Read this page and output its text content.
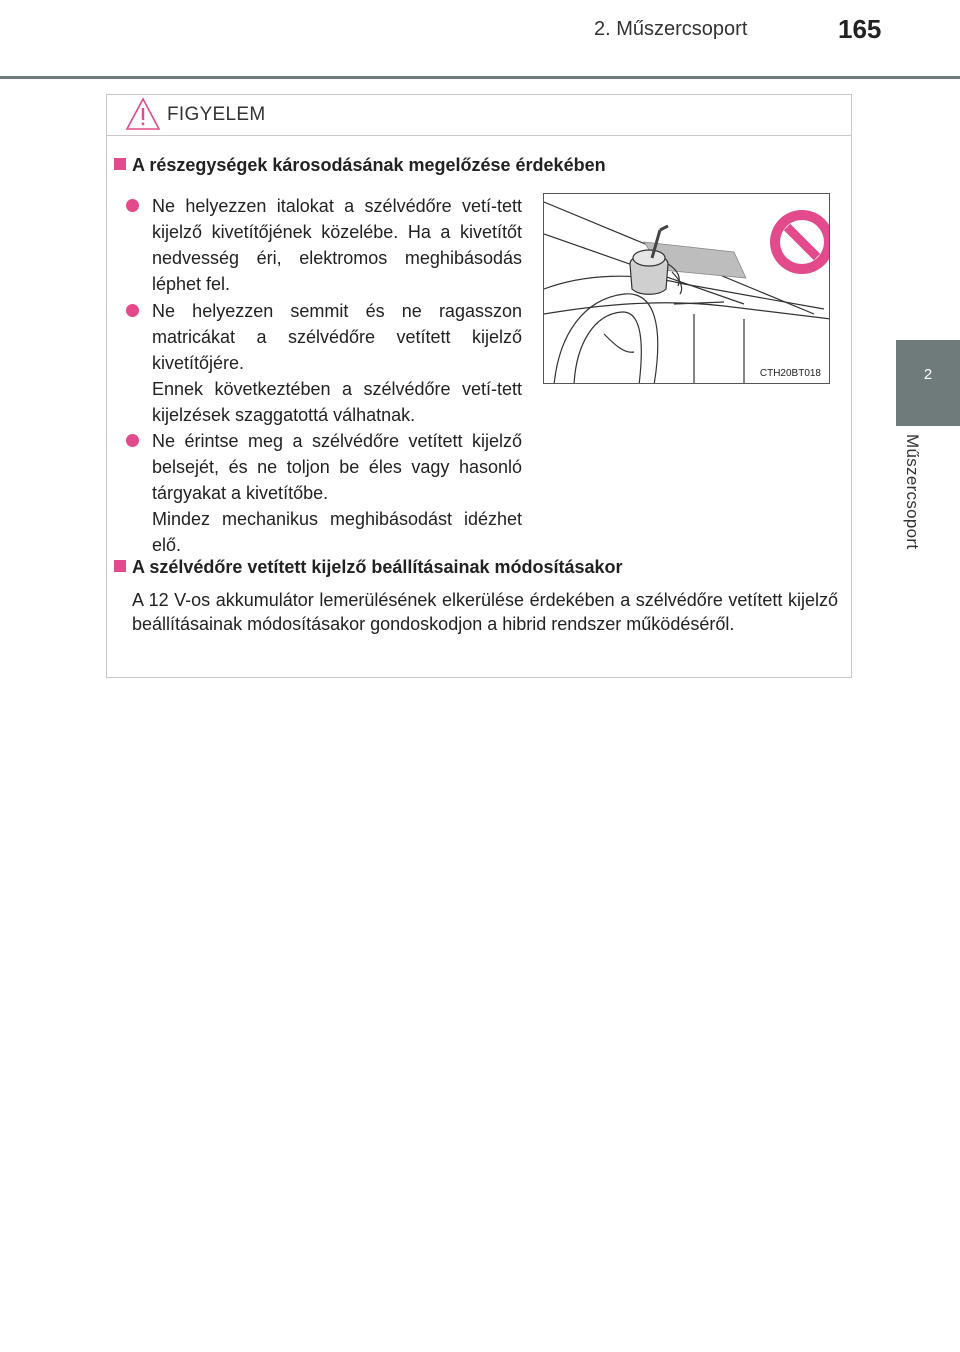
2. Műszercsoport	165
2
Műszercsoport
FIGYELEM
A részegységek károsodásának megelőzése érdekében

Ne helyezzen italokat a szélvédőre vetí-tett kijelző kivetítőjének közelébe. Ha a kivetítőt nedvesség éri, elektromos meghibásodás léphet fel.

Ne helyezzen semmit és ne ragasszon matricákat a szélvédőre vetített kijelző kivetítőjére.

Ennek következtében a szélvédőre vetí-tett kijelzések szaggatottá válhatnak.

Ne érintse meg a szélvédőre vetített kijelző belsejét, és ne toljon be éles vagy hasonló tárgyakat a kivetítőbe.

Mindez mechanikus meghibásodást idézhet elő.

CTH20BT018
A szélvédőre vetített kijelző beállításainak módosításakor
A 12 V-os akkumulátor lemerülésének elkerülése érdekében a szélvédőre vetített kijelző beállításainak módosításakor gondoskodjon a hibrid rendszer működéséről.
